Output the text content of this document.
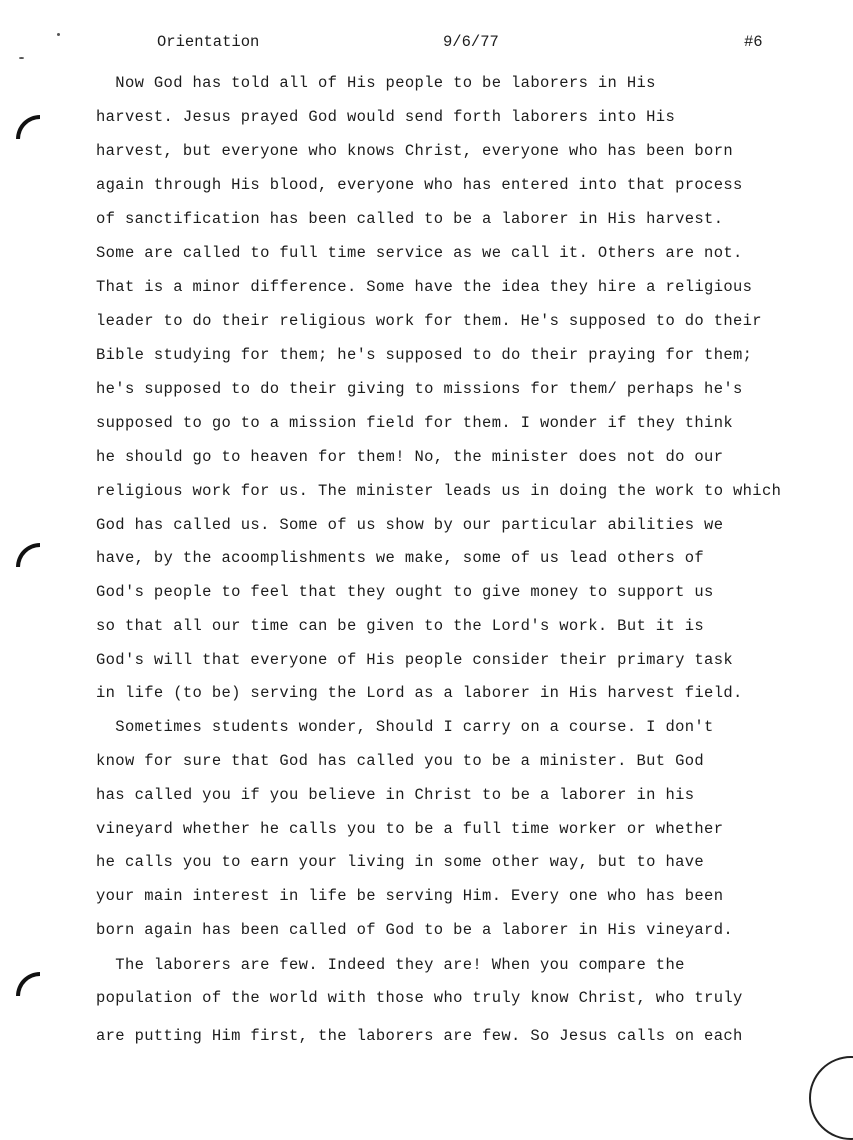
Orientation	9/6/77	#6
Now God has told all of His people to be laborers in His
harvest. Jesus prayed God would send forth laborers into His
harvest, but everyone who knows Christ, everyone who has been born
again through His blood, everyone who has entered into that process
of sanctification has been called to be a laborer in His harvest.
Some are called to full time service as we call it. Others are not.
That is a minor difference. Some have the idea they hire a religious
leader to do their religious work for them. He's supposed to do their
Bible studying for them; he's supposed to do their praying for them;
he's supposed to do their giving to missions for them/ perhaps he's
supposed to go to a mission field for them. I wonder if they think
he should go to heaven for them! No, the minister does not do our
religious work for us. The minister leads us in doing the work to which
God has called us. Some of us show by our particular abilities we
have, by the acoomplishments we make, some of us lead others of
God's people to feel that they ought to give money to support us
so that all our time can be given to the Lord's work. But it is
God's will that everyone of His people consider their primary task
in life (to be) serving the Lord as a laborer in His harvest field.
Sometimes students wonder, Should I carry on a course. I don't
know for sure that God has called you to be a minister. But God
has called you if you believe in Christ to be a laborer in his
vineyard whether he calls you to be a full time worker or whether
he calls you to earn your living in some other way, but to have
your main interest in life be serving Him. Every one who has been
born again has been called of God to be a laborer in His vineyard.
The laborers are few. Indeed they are! When you compare the
population of the world with those who truly know Christ, who truly
are putting Him first, the laborers are few. So Jesus calls on each
